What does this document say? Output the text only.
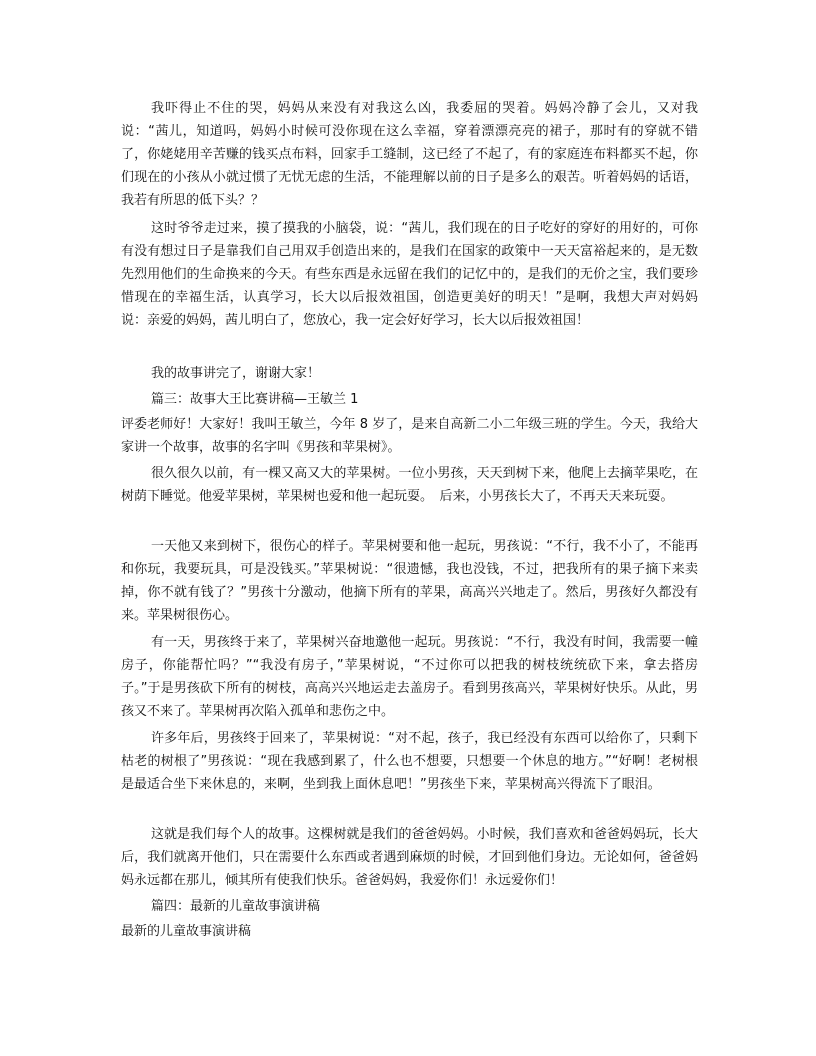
我吓得止不住的哭，妈妈从来没有对我这么凶，我委屈的哭着。妈妈冷静了会儿，又对我说：“茜儿，知道吗，妈妈小时候可没你现在这么幸福，穿着漂漂亮亮的裙子，那时有的穿就不错了，你姥姥用辛苦赚的钱买点布料，回家手工缝制，这已经了不起了，有的家庭连布料都买不起，你们现在的小孩从小就过惯了无忧无虑的生活，不能理解以前的日子是多么的艰苦。听着妈妈的话语，我若有所思的低下头？？

这时爷爷走过来，摸了摸我的小脑袋，说：“茜儿，我们现在的日子吃好的穿好的用好的，可你有没有想过日子是靠我们自己用双手创造出来的，是我们在国家的政策中一天天富裕起来的，是无数先烈用他们的生命换来的今天。有些东西是永远留在我们的记忆中的，是我们的无价之宝，我们要珍惜现在的幸福生活，认真学习，长大以后报效祖国，创造更美好的明天！”是啊，我想大声对妈妈说：亲爱的妈妈，茜儿明白了，您放心，我一定会好好学习，长大以后报效祖国！

我的故事讲完了，谢谢大家！

篇三：故事大王比赛讲稿—王敏兰 1

评委老师好！大家好！我叫王敏兰，今年 8 岁了，是来自高新二小二年级三班的学生。今天，我给大家讲一个故事，故事的名字叫《男孩和苹果树》。

很久很久以前，有一棵又高又大的苹果树。一位小男孩，天天到树下来，他爬上去摘苹果吃，在树荫下睡觉。他爱苹果树，苹果树也爱和他一起玩耍。　后来，小男孩长大了，不再天天来玩耍。

一天他又来到树下，很伤心的样子。苹果树要和他一起玩，男孩说：“不行，我不小了，不能再和你玩，我要玩具，可是没钱买。”苹果树说：“很遗憾，我也没钱，不过，把我所有的果子摘下来卖掉，你不就有钱了？”男孩十分激动，他摘下所有的苹果，高高兴兴地走了。然后，男孩好久都没有来。苹果树很伤心。

有一天，男孩终于来了，苹果树兴奋地邀他一起玩。男孩说：“不行，我没有时间，我需要一幢房子，你能帮忙吗？”“我没有房子，”苹果树说，“不过你可以把我的树枝统统砍下来，拿去搭房子。”于是男孩砍下所有的树枝，高高兴兴地运走去盖房子。看到男孩高兴，苹果树好快乐。从此，男孩又不来了。苹果树再次陷入孤单和悲伤之中。

许多年后，男孩终于回来了，苹果树说：“对不起，孩子，我已经没有东西可以给你了，只剩下枯老的树根了”男孩说：“现在我感到累了，什么也不想要，只想要一个休息的地方。”“好啊！老树根是最适合坐下来休息的，来啊，坐到我上面休息吧！”男孩坐下来，苹果树高兴得流下了眼泪。

这就是我们每个人的故事。这棵树就是我们的爸爸妈妈。小时候，我们喜欢和爸爸妈妈玩，长大后，我们就离开他们，只在需要什么东西或者遇到麻烦的时候，才回到他们身边。无论如何，爸爸妈妈永远都在那儿，倾其所有使我们快乐。爸爸妈妈，我爱你们！永远爱你们！

篇四：最新的儿童故事演讲稿

最新的儿童故事演讲稿
